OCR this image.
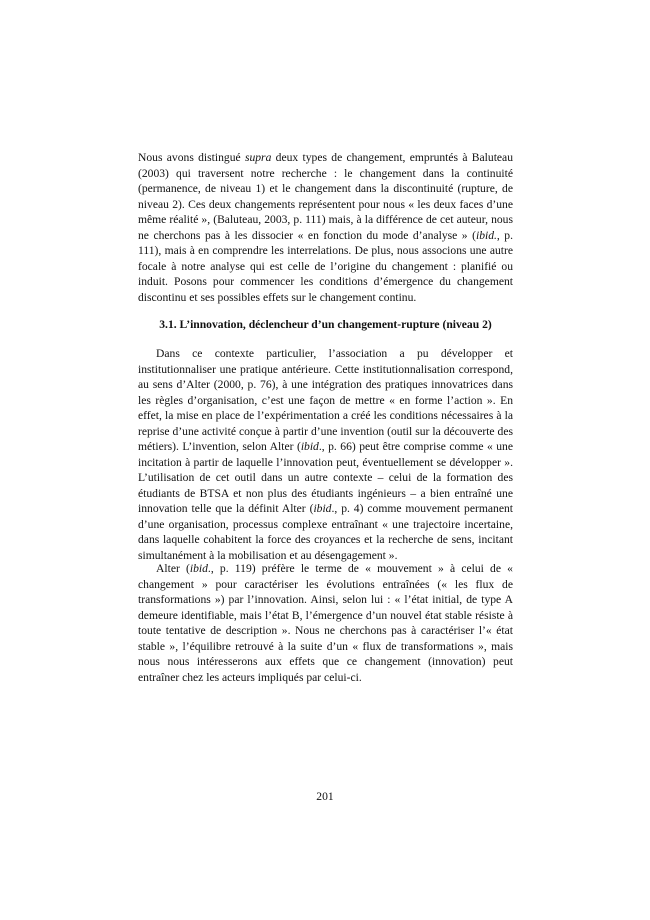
Nous avons distingué supra deux types de changement, empruntés à Baluteau (2003) qui traversent notre recherche : le changement dans la continuité (permanence, de niveau 1) et le changement dans la discontinuité (rupture, de niveau 2). Ces deux changements représentent pour nous « les deux faces d’une même réalité », (Baluteau, 2003, p. 111) mais, à la différence de cet auteur, nous ne cherchons pas à les dissocier « en fonction du mode d’analyse » (ibid., p. 111), mais à en comprendre les interrelations. De plus, nous associons une autre focale à notre analyse qui est celle de l’origine du changement : planifié ou induit. Posons pour commencer les conditions d’émergence du changement discontinu et ses possibles effets sur le changement continu.

3.1. L’innovation, déclencheur d’un changement-rupture (niveau 2)

Dans ce contexte particulier, l’association a pu développer et institutionnaliser une pratique antérieure. Cette institutionnalisation correspond, au sens d’Alter (2000, p. 76), à une intégration des pratiques innovatrices dans les règles d’organisation, c’est une façon de mettre « en forme l’action ». En effet, la mise en place de l’expérimentation a créé les conditions nécessaires à la reprise d’une activité conçue à partir d’une invention (outil sur la découverte des métiers). L’invention, selon Alter (ibid., p. 66) peut être comprise comme « une incitation à partir de laquelle l’innovation peut, éventuellement se développer ». L’utilisation de cet outil dans un autre contexte – celui de la formation des étudiants de BTSA et non plus des étudiants ingénieurs – a bien entraîné une innovation telle que la définit Alter (ibid., p. 4) comme mouvement permanent d’une organisation, processus complexe entraînant « une trajectoire incertaine, dans laquelle cohabitent la force des croyances et la recherche de sens, incitant simultanément à la mobilisation et au désengagement ».

Alter (ibid., p. 119) préfère le terme de « mouvement » à celui de « changement » pour caractériser les évolutions entraînées (« les flux de transformations ») par l’innovation. Ainsi, selon lui : « l’état initial, de type A demeure identifiable, mais l’état B, l’émergence d’un nouvel état stable résiste à toute tentative de description ». Nous ne cherchons pas à caractériser l’« état stable », l’équilibre retrouvé à la suite d’un « flux de transformations », mais nous nous intéresserons aux effets que ce changement (innovation) peut entraîner chez les acteurs impliqués par celui-ci.

201
